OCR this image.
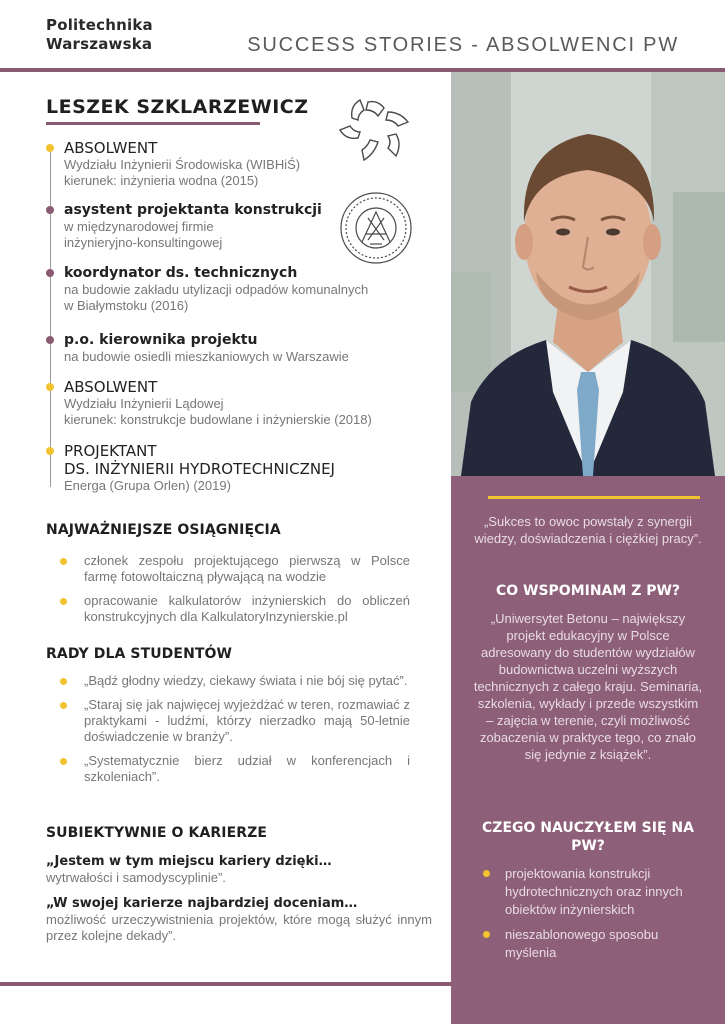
Politechnika
Warszawska	SUCCESS STORIES - ABSOLWENCI PW
„Sukces to owoc powstały z synergii wiedzy, doświadczenia i ciężkiej pracy”.
CO WSPOMINAM Z PW?
„Uniwersytet Betonu – największy projekt edukacyjny w Polsce adresowany do studentów wydziałów budownictwa uczelni wyższych technicznych z całego kraju. Seminaria, szkolenia, wykłady i przede wszystkim – zajęcia w terenie, czyli możliwość zobaczenia w praktyce tego, co znało się jedynie z książek”.
CZEGO NAUCZYŁEM SIĘ NA PW?
projektowania konstrukcji hydrotechnicznych oraz innych obiektów inżynierskich
nieszablonowego sposobu myślenia
LESZEK SZKLARZEWICZ
ABSOLWENT
Wydziału Inżynierii Środowiska (WIBHiŚ)
kierunek: inżynieria wodna (2015)
asystent projektanta konstrukcji
w międzynarodowej firmie
inżynieryjno-konsultingowej
koordynator ds. technicznych
na budowie zakładu utylizacji odpadów komunalnych
w Białymstoku (2016)
p.o. kierownika projektu
na budowie osiedli mieszkaniowych w Warszawie
ABSOLWENT
Wydziału Inżynierii Lądowej
kierunek: konstrukcje budowlane i inżynierskie (2018)
PROJEKTANT
DS. INŻYNIERII HYDROTECHNICZNEJ
Energa (Grupa Orlen) (2019)
NAJWAŻNIEJSZE OSIĄGNIĘCIA
członek zespołu projektującego pierwszą w Polsce farmę fotowoltaiczną pływającą na wodzie
opracowanie kalkulatorów inżynierskich do obliczeń konstrukcyjnych dla KalkulatoryInzynierskie.pl
RADY DLA STUDENTÓW
„Bądź głodny wiedzy, ciekawy świata i nie bój się pytać”.
„Staraj się jak najwięcej wyjeżdżać w teren, rozmawiać z praktykami - ludźmi, którzy nierzadko mają 50-letnie doświadczenie w branży”.
„Systematycznie bierz udział w konferencjach i szkoleniach”.
SUBIEKTYWNIE O KARIERZE
„Jestem w tym miejscu kariery dzięki…
wytrwałości i samodyscyplinie”.
„W swojej karierze najbardziej doceniam…
możliwość urzeczywistnienia projektów, które mogą służyć innym przez kolejne dekady”.
